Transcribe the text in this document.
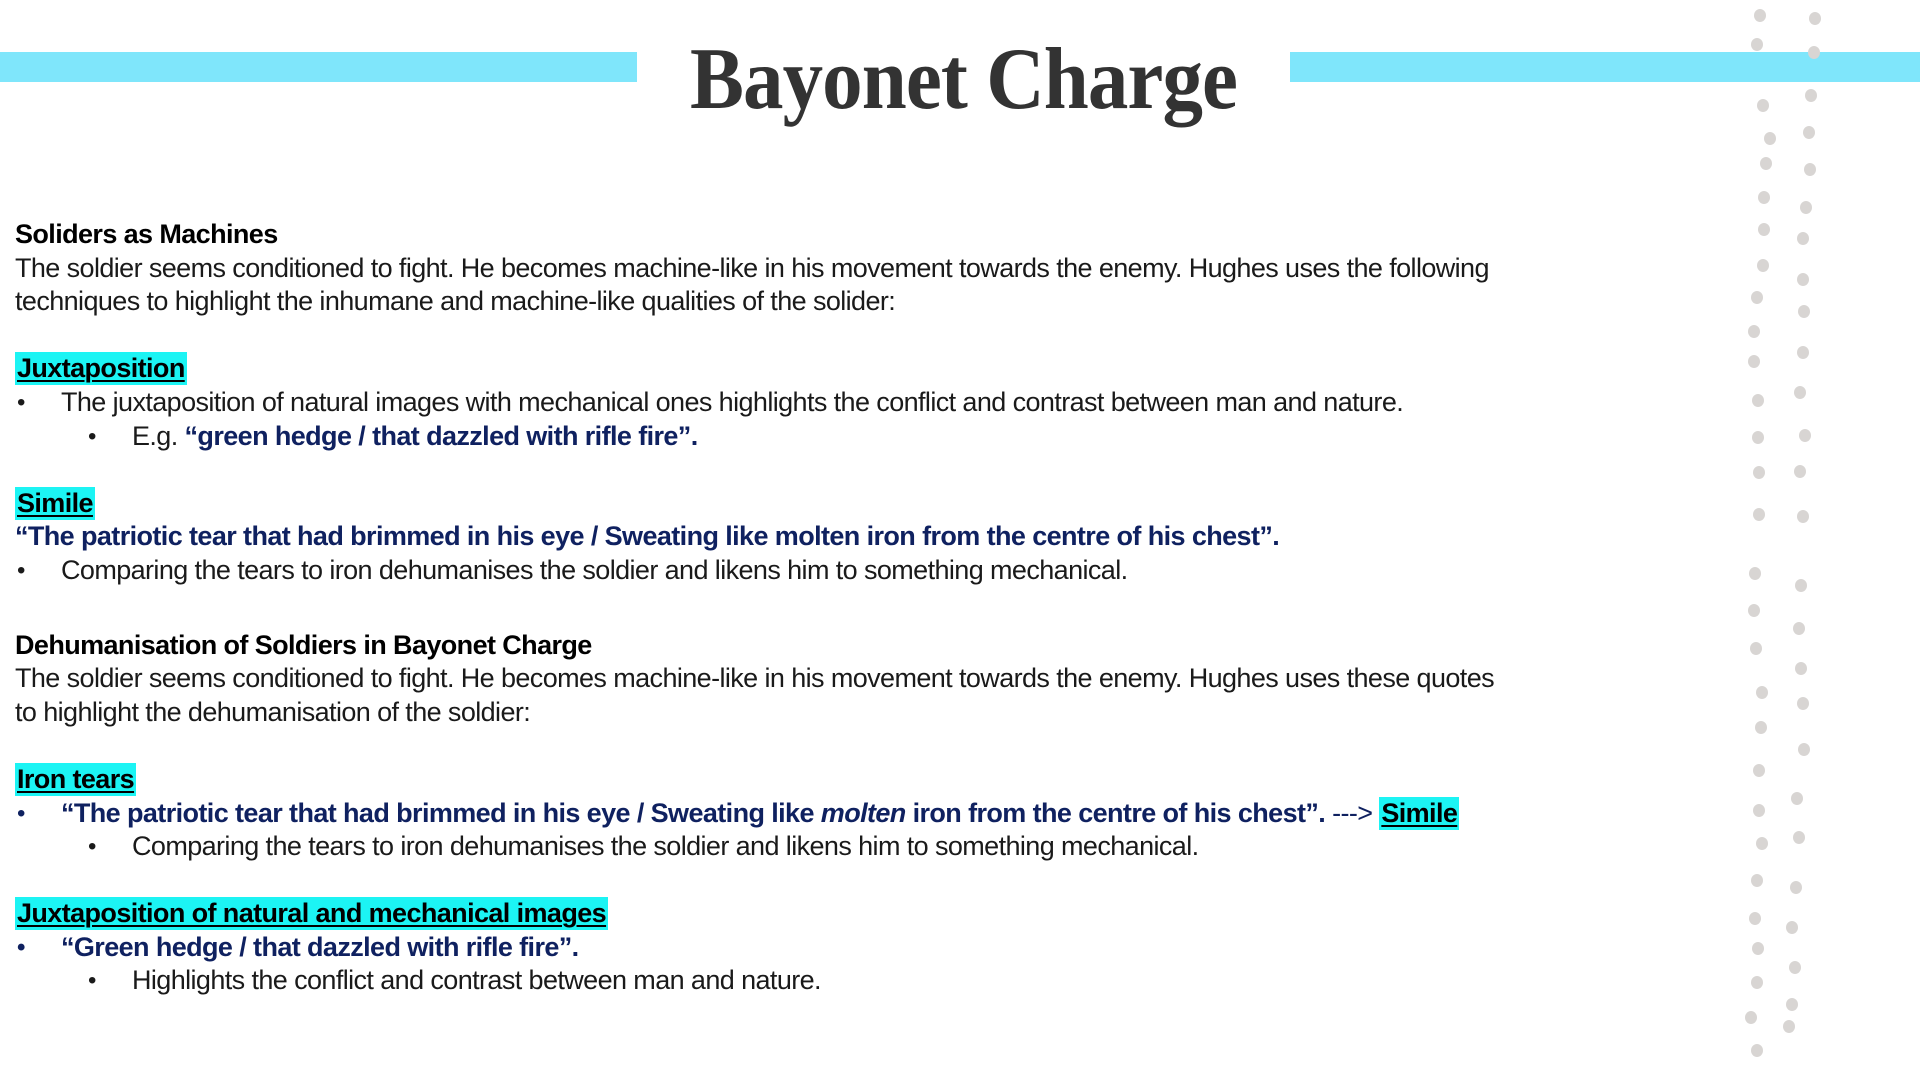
Bayonet Charge
Soliders as Machines
The soldier seems conditioned to fight. He becomes machine-like in his movement towards the enemy. Hughes uses the following
techniques to highlight the inhumane and machine-like qualities of the solider:
Juxtaposition
• The juxtaposition of natural images with mechanical ones highlights the conflict and contrast between man and nature.
• E.g. “green hedge / that dazzled with rifle fire”.
Simile
“The patriotic tear that had brimmed in his eye / Sweating like molten iron from the centre of his chest”.
• Comparing the tears to iron dehumanises the soldier and likens him to something mechanical.
Dehumanisation of Soldiers in Bayonet Charge
The soldier seems conditioned to fight. He becomes machine-like in his movement towards the enemy. Hughes uses these quotes
to highlight the dehumanisation of the soldier:
Iron tears
• “The patriotic tear that had brimmed in his eye / Sweating like molten iron from the centre of his chest”. ---> Simile
• Comparing the tears to iron dehumanises the soldier and likens him to something mechanical.
Juxtaposition of natural and mechanical images
• “Green hedge / that dazzled with rifle fire”.
• Highlights the conflict and contrast between man and nature.
